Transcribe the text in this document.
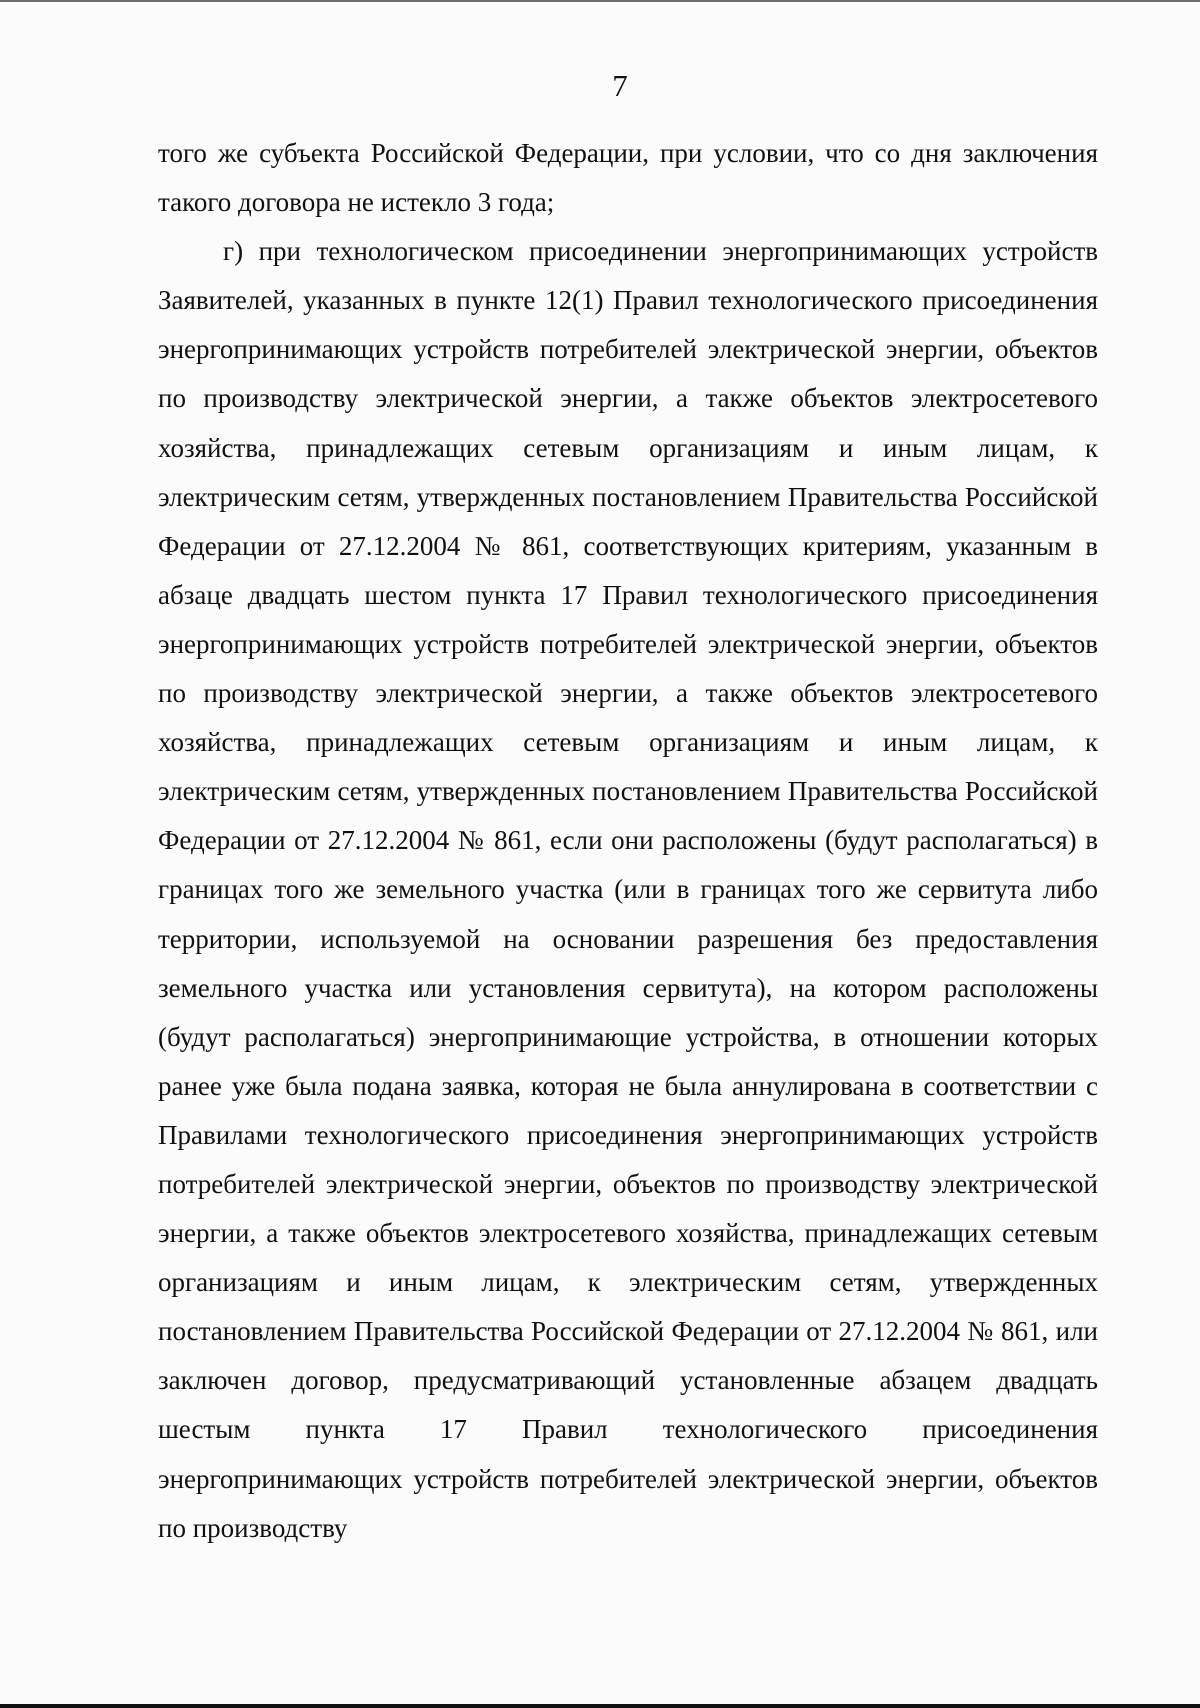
7

того же субъекта Российской Федерации, при условии, что со дня заключения такого договора не истекло 3 года;

г) при технологическом присоединении энергопринимающих устройств Заявителей, указанных в пункте 12(1) Правил технологического присоединения энергопринимающих устройств потребителей электрической энергии, объектов по производству электрической энергии, а также объектов электросетевого хозяйства, принадлежащих сетевым организациям и иным лицам, к электрическим сетям, утвержденных постановлением Правительства Российской Федерации от 27.12.2004 № 861, соответствующих критериям, указанным в абзаце двадцать шестом пункта 17 Правил технологического присоединения энергопринимающих устройств потребителей электрической энергии, объектов по производству электрической энергии, а также объектов электросетевого хозяйства, принадлежащих сетевым организациям и иным лицам, к электрическим сетям, утвержденных постановлением Правительства Российской Федерации от 27.12.2004 № 861, если они расположены (будут располагаться) в границах того же земельного участка (или в границах того же сервитута либо территории, используемой на основании разрешения без предоставления земельного участка или установления сервитута), на котором расположены (будут располагаться) энергопринимающие устройства, в отношении которых ранее уже была подана заявка, которая не была аннулирована в соответствии с Правилами технологического присоединения энергопринимающих устройств потребителей электрической энергии, объектов по производству электрической энергии, а также объектов электросетевого хозяйства, принадлежащих сетевым организациям и иным лицам, к электрическим сетям, утвержденных постановлением Правительства Российской Федерации от 27.12.2004 № 861, или заключен договор, предусматривающий установленные абзацем двадцать шестым пункта 17 Правил технологического присоединения энергопринимающих устройств потребителей электрической энергии, объектов по производству
